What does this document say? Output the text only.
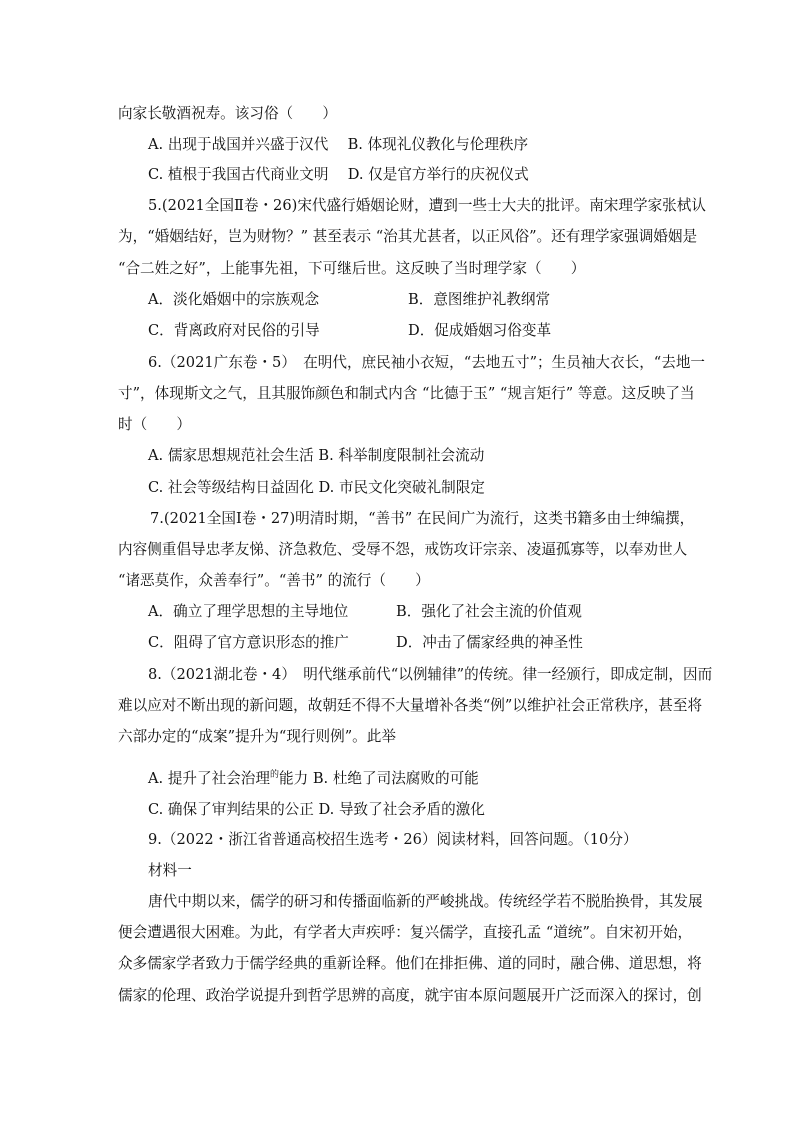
向家长敬酒祝寿。该习俗（　　）
A. 出现于战国并兴盛于汉代　 B. 体现礼仪教化与伦理秩序
C. 植根于我国古代商业文明　 D. 仅是官方举行的庆祝仪式
5.(2021全国Ⅱ卷・26)宋代盛行婚姻论财，遭到一些士大夫的批评。南宋理学家张栻认
为，“婚姻结好，岂为财物？” 甚至表示 “治其尤甚者，以正风俗”。还有理学家强调婚姻是
“合二姓之好”，上能事先祖，下可继后世。这反映了当时理学家（　　）
A．淡化婚姻中的宗族观念	B．意图维护礼教纲常
C．背离政府对民俗的引导	D．促成婚姻习俗变革
6.（2021广东卷・5）　在明代，庶民袖小衣短，“去地五寸”；生员袖大衣长，“去地一
寸”，体现斯文之气，且其服饰颜色和制式内含 “比德于玉” “规言矩行” 等意。这反映了当
时（　　）
A. 儒家思想规范社会生活 B. 科举制度限制社会流动
C. 社会等级结构日益固化 D. 市民文化突破礼制限定
7.(2021全国Ⅰ卷・27)明清时期，“善书” 在民间广为流行，这类书籍多由士绅编撰，
内容侧重倡导忠孝友悌、济急救危、受辱不怨，戒饬攻讦宗亲、凌逼孤寡等，以奉劝世人
“诸恶莫作，众善奉行”。“善书” 的流行（　　）
A．确立了理学思想的主导地位	B．强化了社会主流的价值观
C．阻碍了官方意识形态的推广	D．冲击了儒家经典的神圣性
8.（2021湖北卷・4）　明代继承前代“以例辅律”的传统。律一经颁行，即成定制，因而
难以应对不断出现的新问题，故朝廷不得不大量增补各类“例”以维护社会正常秩序，甚至将
六部办定的“成案”提升为“现行则例”。此举
A. 提升了社会治理$^的$能力 B. 杜绝了司法腐败的可能
C. 确保了审判结果的公正 D. 导致了社会矛盾的激化
9.（2022・浙江省普通高校招生选考・26）阅读材料，回答问题。（10分）
材料一
唐代中期以来，儒学的研习和传播面临新的严峻挑战。传统经学若不脱胎换骨，其发展
便会遭遇很大困难。为此，有学者大声疾呼：复兴儒学，直接孔孟 “道统”。自宋初开始，
众多儒家学者致力于儒学经典的重新诠释。他们在排拒佛、道的同时，融合佛、道思想，将
儒家的伦理、政治学说提升到哲学思辨的高度，就宇宙本原问题展开广泛而深入的探讨，创
